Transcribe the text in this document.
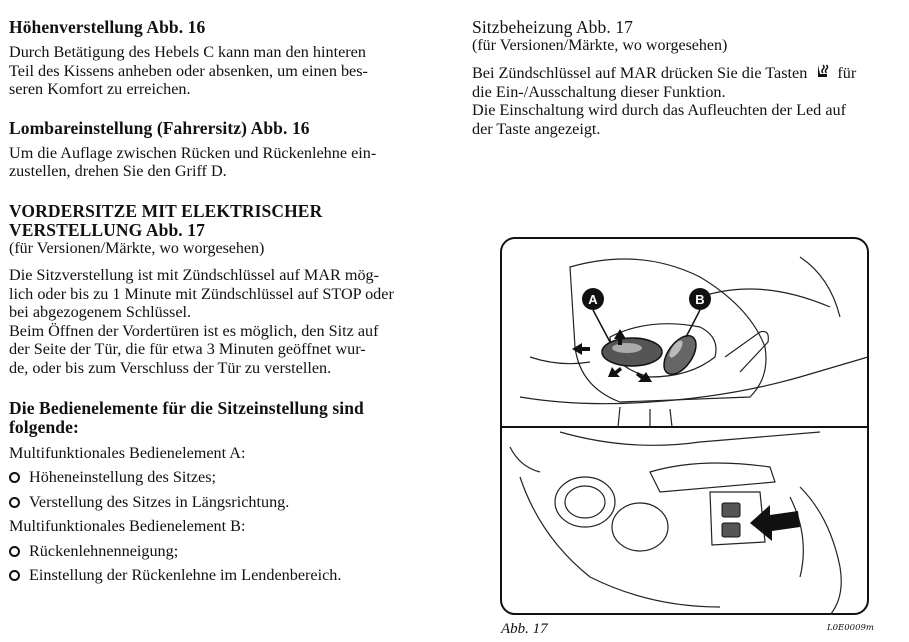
Höhenverstellung Abb. 16

Durch Betätigung des Hebels C kann man den hinteren
Teil des Kissens anheben oder absenken, um einen bes-
seren Komfort zu erreichen.

Lombareinstellung (Fahrersitz) Abb. 16

Um die Auflage zwischen Rücken und Rückenlehne ein-
zustellen, drehen Sie den Griff D.

VORDERSITZE MIT ELEKTRISCHER
VERSTELLUNG Abb. 17

(für Versionen/Märkte, wo worgesehen)

Die Sitzverstellung ist mit Zündschlüssel auf MAR mög-
lich oder bis zu 1 Minute mit Zündschlüssel auf STOP oder
bei abgezogenem Schlüssel.
Beim Öffnen der Vordertüren ist es möglich, den Sitz auf
der Seite der Tür, die für etwa 3 Minuten geöffnet wur-
de, oder bis zum Verschluss der Tür zu verstellen.

Die Bedienelemente für die Sitzeinstellung sind
folgende:
Multifunktionales Bedienelement A:
Höheneinstellung des Sitzes;
Verstellung des Sitzes in Längsrichtung.
Multifunktionales Bedienelement B:
Rückenlehnenneigung;
Einstellung der Rückenlehne im Lendenbereich.
Sitzbeheizung Abb. 17

(für Versionen/Märkte, wo worgesehen)

Bei Zündschlüssel auf MAR drücken Sie die Tasten für
die Ein-/Ausschaltung dieser Funktion.
Die Einschaltung wird durch das Aufleuchten der Led auf
der Taste angezeigt.

A	B
Abb. 17	L0E0009m
